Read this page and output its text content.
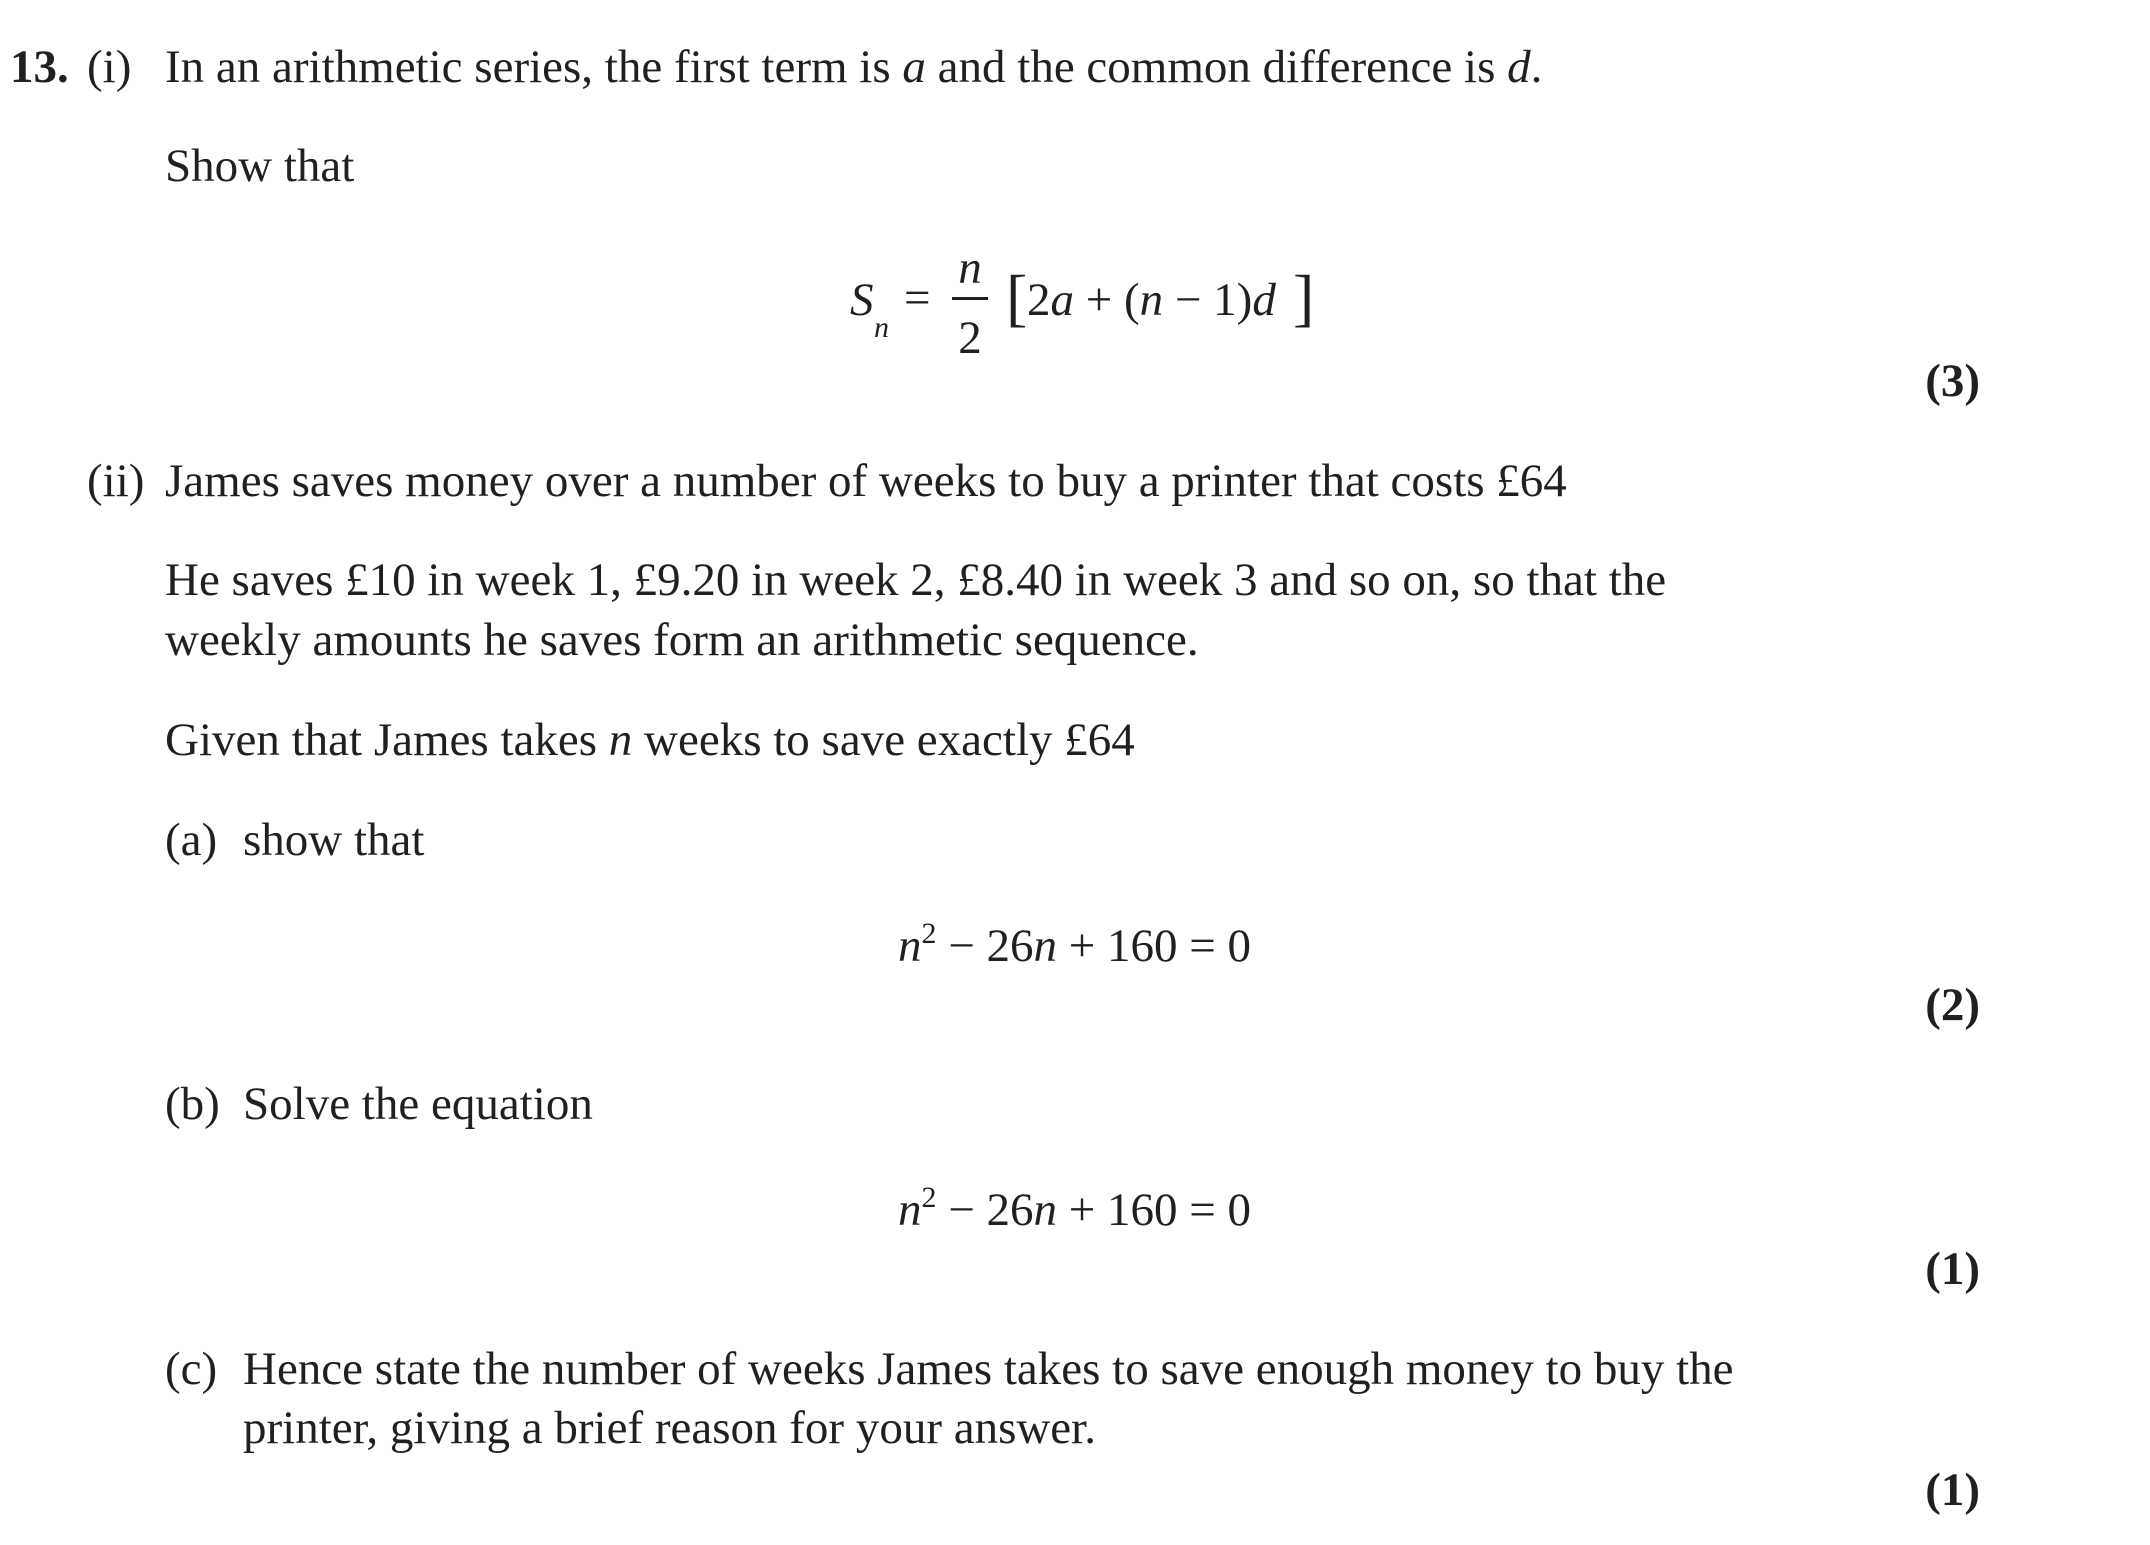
13. (i) In an arithmetic series, the first term is a and the common difference is d.
Show that
S
n
=
n
2
[ 2a + (n − 1)d ]
(3)
(ii) James saves money over a number of weeks to buy a printer that costs £64
He saves £10 in week 1, £9.20 in week 2, £8.40 in week 3 and so on, so that the
weekly amounts he saves form an arithmetic sequence.
Given that James takes n weeks to save exactly £64
(a) show that
$n^2 - 26n + 160 = 0$
(2)
(b) Solve the equation
$n^2 - 26n + 160 = 0$
(1)
(c) Hence state the number of weeks James takes to save enough money to buy the
printer, giving a brief reason for your answer.
(1)
